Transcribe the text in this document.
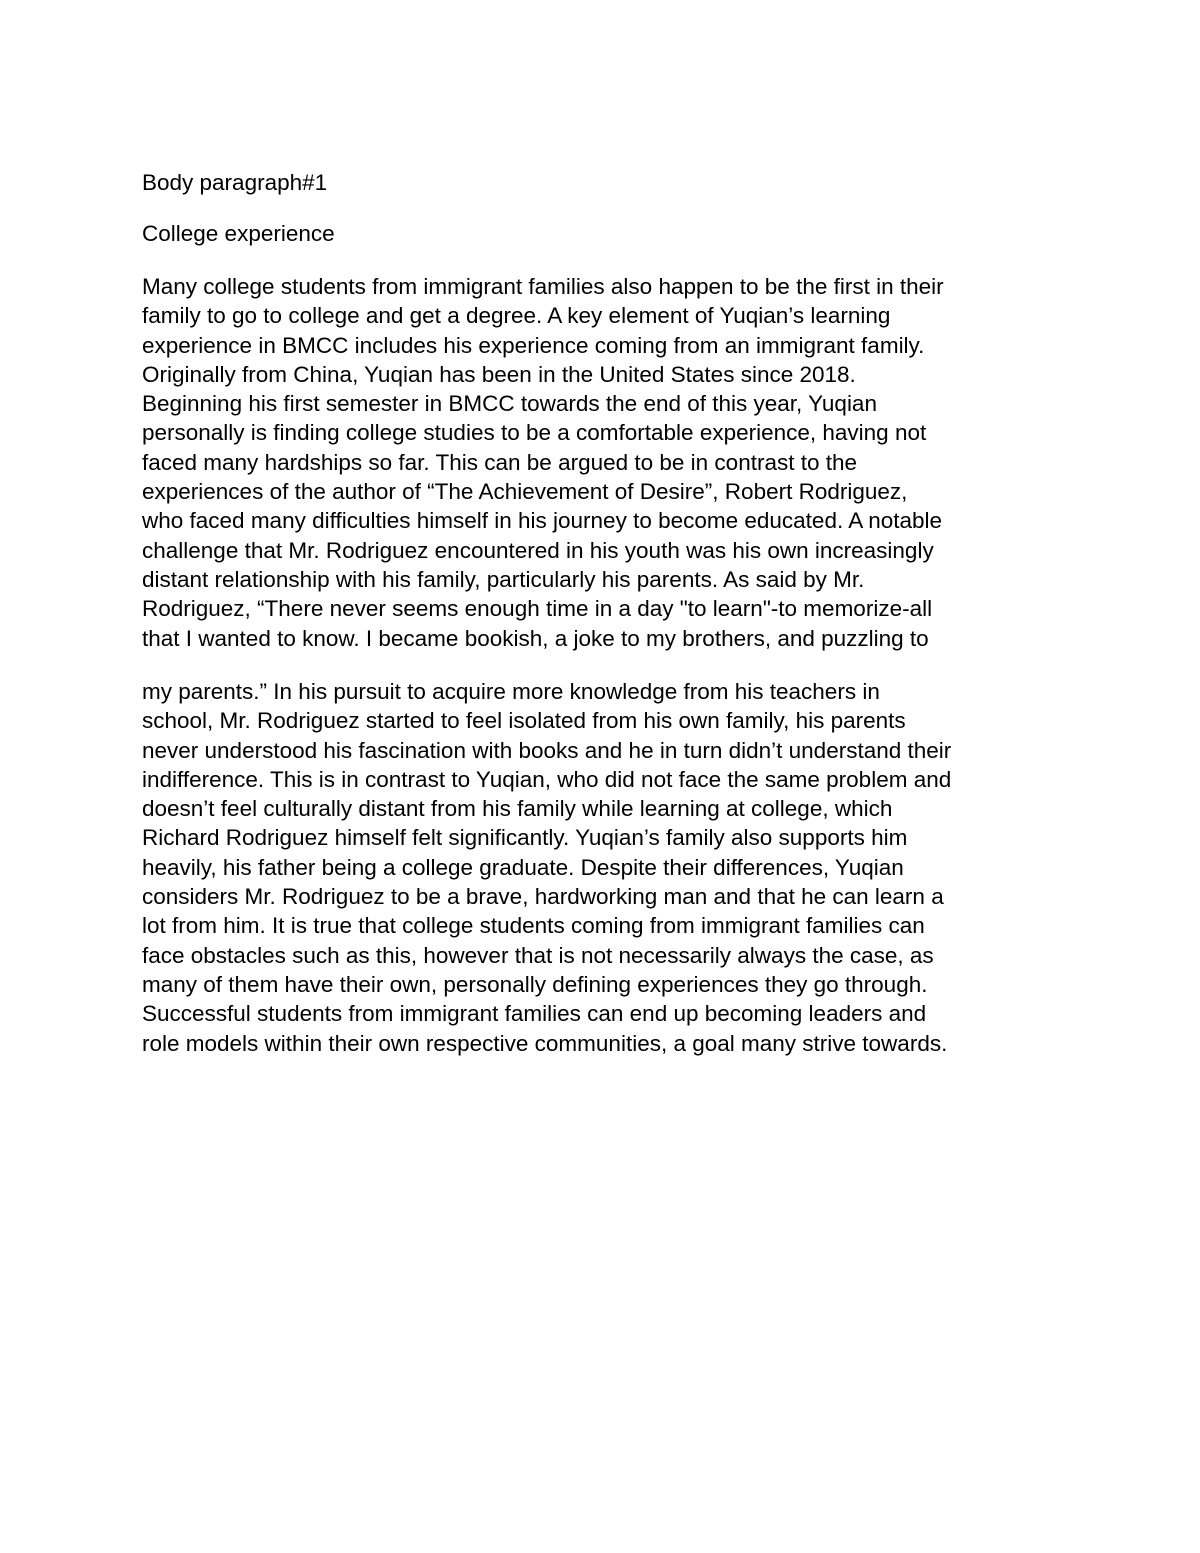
Body paragraph#1
College experience

Many college students from immigrant families also happen to be the first in their
family to go to college and get a degree. A key element of Yuqian’s learning
experience in BMCC includes his experience coming from an immigrant family.
Originally from China, Yuqian has been in the United States since 2018.
Beginning his first semester in BMCC towards the end of this year, Yuqian
personally is finding college studies to be a comfortable experience, having not
faced many hardships so far. This can be argued to be in contrast to the
experiences of the author of “The Achievement of Desire”, Robert Rodriguez,
who faced many difficulties himself in his journey to become educated. A notable
challenge that Mr. Rodriguez encountered in his youth was his own increasingly
distant relationship with his family, particularly his parents. As said by Mr.
Rodriguez, “There never seems enough time in a day "to learn"-to memorize-all
that I wanted to know. I became bookish, a joke to my brothers, and puzzling to

my parents.” In his pursuit to acquire more knowledge from his teachers in
school, Mr. Rodriguez started to feel isolated from his own family, his parents
never understood his fascination with books and he in turn didn’t understand their
indifference. This is in contrast to Yuqian, who did not face the same problem and
doesn’t feel culturally distant from his family while learning at college, which
Richard Rodriguez himself felt significantly. Yuqian’s family also supports him
heavily, his father being a college graduate. Despite their differences, Yuqian
considers Mr. Rodriguez to be a brave, hardworking man and that he can learn a
lot from him. It is true that college students coming from immigrant families can
face obstacles such as this, however that is not necessarily always the case, as
many of them have their own, personally defining experiences they go through.
Successful students from immigrant families can end up becoming leaders and
role models within their own respective communities, a goal many strive towards.
